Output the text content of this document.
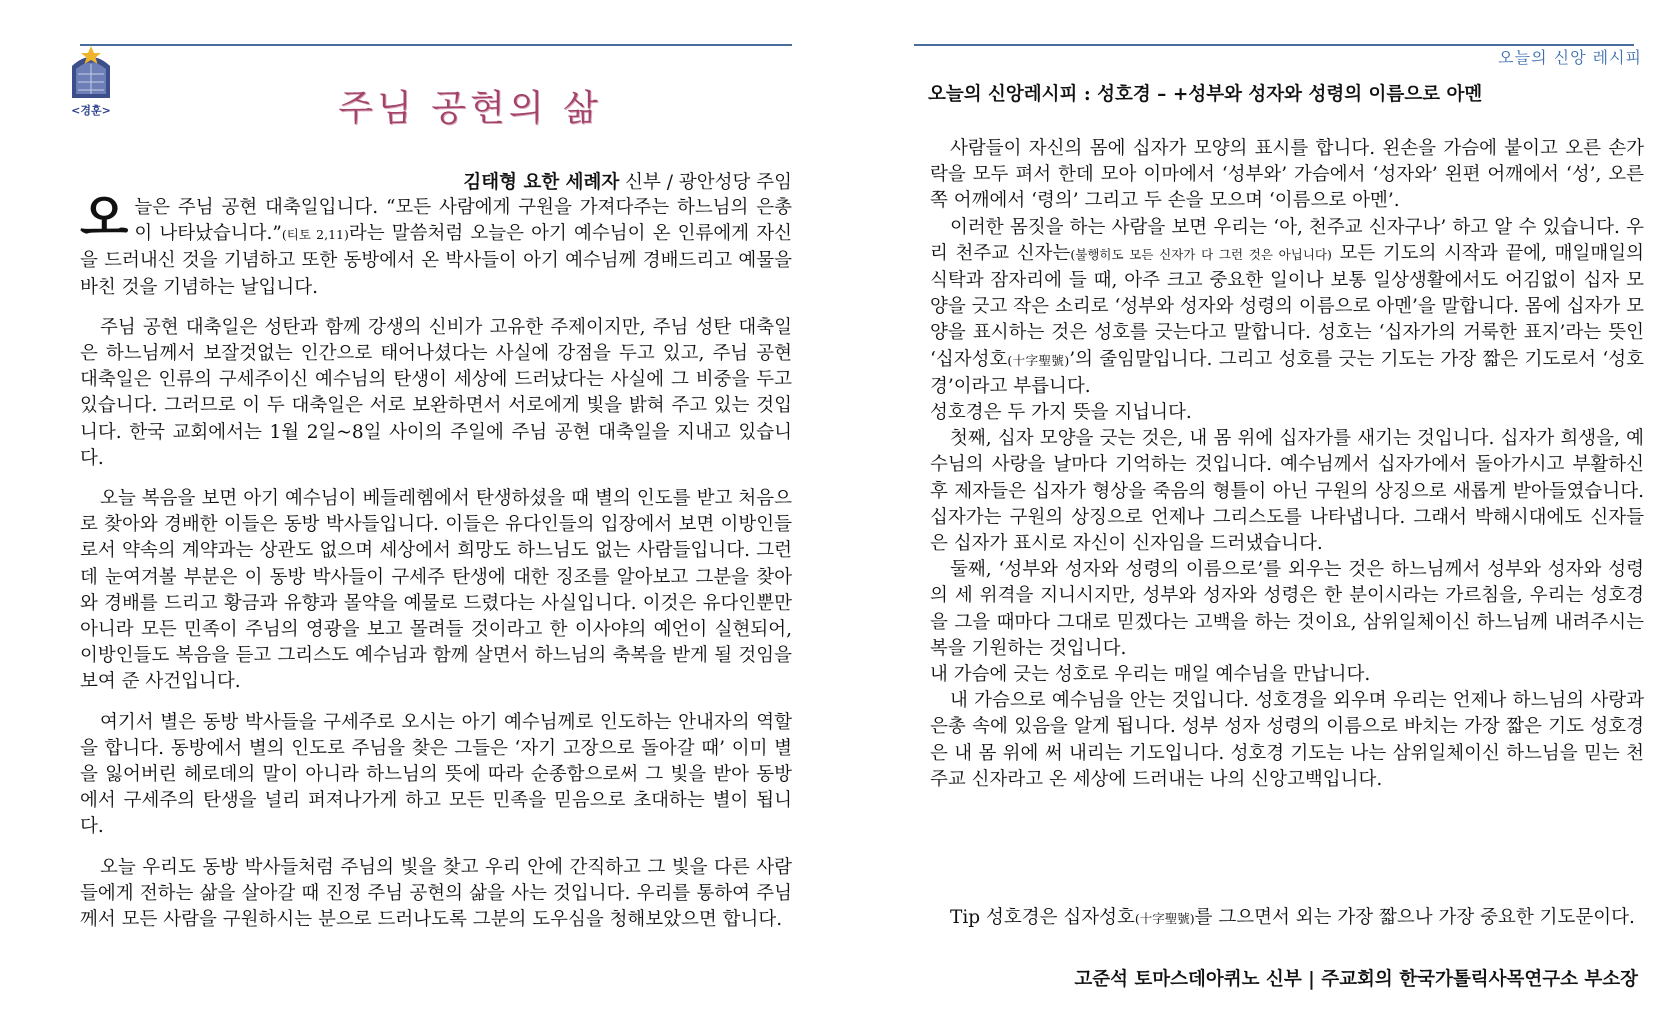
<경훈>	주님 공현의 삶
김태형 요한 세례자 신부 / 광안성당 주임

오늘은 주님 공현 대축일입니다. “모든 사람에게 구원을 가져다주는 하느님의 은총이 나타났습니다.”(티토 2,11)라는 말씀처럼 오늘은 아기 예수님이 온 인류에게 자신을 드러내신 것을 기념하고 또한 동방에서 온 박사들이 아기 예수님께 경배드리고 예물을 바친 것을 기념하는 날입니다.

주님 공현 대축일은 성탄과 함께 강생의 신비가 고유한 주제이지만, 주님 성탄 대축일은 하느님께서 보잘것없는 인간으로 태어나셨다는 사실에 강점을 두고 있고, 주님 공현 대축일은 인류의 구세주이신 예수님의 탄생이 세상에 드러났다는 사실에 그 비중을 두고 있습니다. 그러므로 이 두 대축일은 서로 보완하면서 서로에게 빛을 밝혀 주고 있는 것입니다. 한국 교회에서는 1월 2일~8일 사이의 주일에 주님 공현 대축일을 지내고 있습니다.

오늘 복음을 보면 아기 예수님이 베들레헴에서 탄생하셨을 때 별의 인도를 받고 처음으로 찾아와 경배한 이들은 동방 박사들입니다. 이들은 유다인들의 입장에서 보면 이방인들로서 약속의 계약과는 상관도 없으며 세상에서 희망도 하느님도 없는 사람들입니다. 그런데 눈여겨볼 부분은 이 동방 박사들이 구세주 탄생에 대한 징조를 알아보고 그분을 찾아와 경배를 드리고 황금과 유향과 몰약을 예물로 드렸다는 사실입니다. 이것은 유다인뿐만 아니라 모든 민족이 주님의 영광을 보고 몰려들 것이라고 한 이사야의 예언이 실현되어, 이방인들도 복음을 듣고 그리스도 예수님과 함께 살면서 하느님의 축복을 받게 될 것임을 보여 준 사건입니다.

여기서 별은 동방 박사들을 구세주로 오시는 아기 예수님께로 인도하는 안내자의 역할을 합니다. 동방에서 별의 인도로 주님을 찾은 그들은 ‘자기 고장으로 돌아갈 때’ 이미 별을 잃어버린 헤로데의 말이 아니라 하느님의 뜻에 따라 순종함으로써 그 빛을 받아 동방에서 구세주의 탄생을 널리 퍼져나가게 하고 모든 민족을 믿음으로 초대하는 별이 됩니다.

오늘 우리도 동방 박사들처럼 주님의 빛을 찾고 우리 안에 간직하고 그 빛을 다른 사람들에게 전하는 삶을 살아갈 때 진정 주님 공현의 삶을 사는 것입니다. 우리를 통하여 주님께서 모든 사람을 구원하시는 분으로 드러나도록 그분의 도우심을 청해보았으면 합니다.

오늘의 신앙 레시피
오늘의 신앙레시피 : 성호경 – +성부와 성자와 성령의 이름으로 아멘

사람들이 자신의 몸에 십자가 모양의 표시를 합니다. 왼손을 가슴에 붙이고 오른 손가락을 모두 펴서 한데 모아 이마에서 ‘성부와’ 가슴에서 ‘성자와’ 왼편 어깨에서 ‘성’, 오른쪽 어깨에서 ‘령의’ 그리고 두 손을 모으며 ‘이름으로 아멘’.

이러한 몸짓을 하는 사람을 보면 우리는 ‘아, 천주교 신자구나’ 하고 알 수 있습니다. 우리 천주교 신자는(불행히도 모든 신자가 다 그런 것은 아닙니다) 모든 기도의 시작과 끝에, 매일매일의 식탁과 잠자리에 들 때, 아주 크고 중요한 일이나 보통 일상생활에서도 어김없이 십자 모양을 긋고 작은 소리로 ‘성부와 성자와 성령의 이름으로 아멘’을 말합니다. 몸에 십자가 모양을 표시하는 것은 성호를 긋는다고 말합니다. 성호는 ‘십자가의 거룩한 표지’라는 뜻인 ‘십자성호(十字聖號)’의 줄임말입니다. 그리고 성호를 긋는 기도는 가장 짧은 기도로서 ‘성호경’이라고 부릅니다.

성호경은 두 가지 뜻을 지닙니다.

첫째, 십자 모양을 긋는 것은, 내 몸 위에 십자가를 새기는 것입니다. 십자가 희생을, 예수님의 사랑을 날마다 기억하는 것입니다. 예수님께서 십자가에서 돌아가시고 부활하신 후 제자들은 십자가 형상을 죽음의 형틀이 아닌 구원의 상징으로 새롭게 받아들였습니다. 십자가는 구원의 상징으로 언제나 그리스도를 나타냅니다. 그래서 박해시대에도 신자들은 십자가 표시로 자신이 신자임을 드러냈습니다.

둘째, ‘성부와 성자와 성령의 이름으로’를 외우는 것은 하느님께서 성부와 성자와 성령의 세 위격을 지니시지만, 성부와 성자와 성령은 한 분이시라는 가르침을, 우리는 성호경을 그을 때마다 그대로 믿겠다는 고백을 하는 것이요, 삼위일체이신 하느님께 내려주시는 복을 기원하는 것입니다.

내 가슴에 긋는 성호로 우리는 매일 예수님을 만납니다.

내 가슴으로 예수님을 안는 것입니다. 성호경을 외우며 우리는 언제나 하느님의 사랑과 은총 속에 있음을 알게 됩니다. 성부 성자 성령의 이름으로 바치는 가장 짧은 기도 성호경은 내 몸 위에 써 내리는 기도입니다. 성호경 기도는 나는 삼위일체이신 하느님을 믿는 천주교 신자라고 온 세상에 드러내는 나의 신앙고백입니다.

Tip 성호경은 십자성호(十字聖號)를 그으면서 외는 가장 짧으나 가장 중요한 기도문이다.
고준석 토마스데아퀴노 신부 | 주교회의 한국가톨릭사목연구소 부소장
